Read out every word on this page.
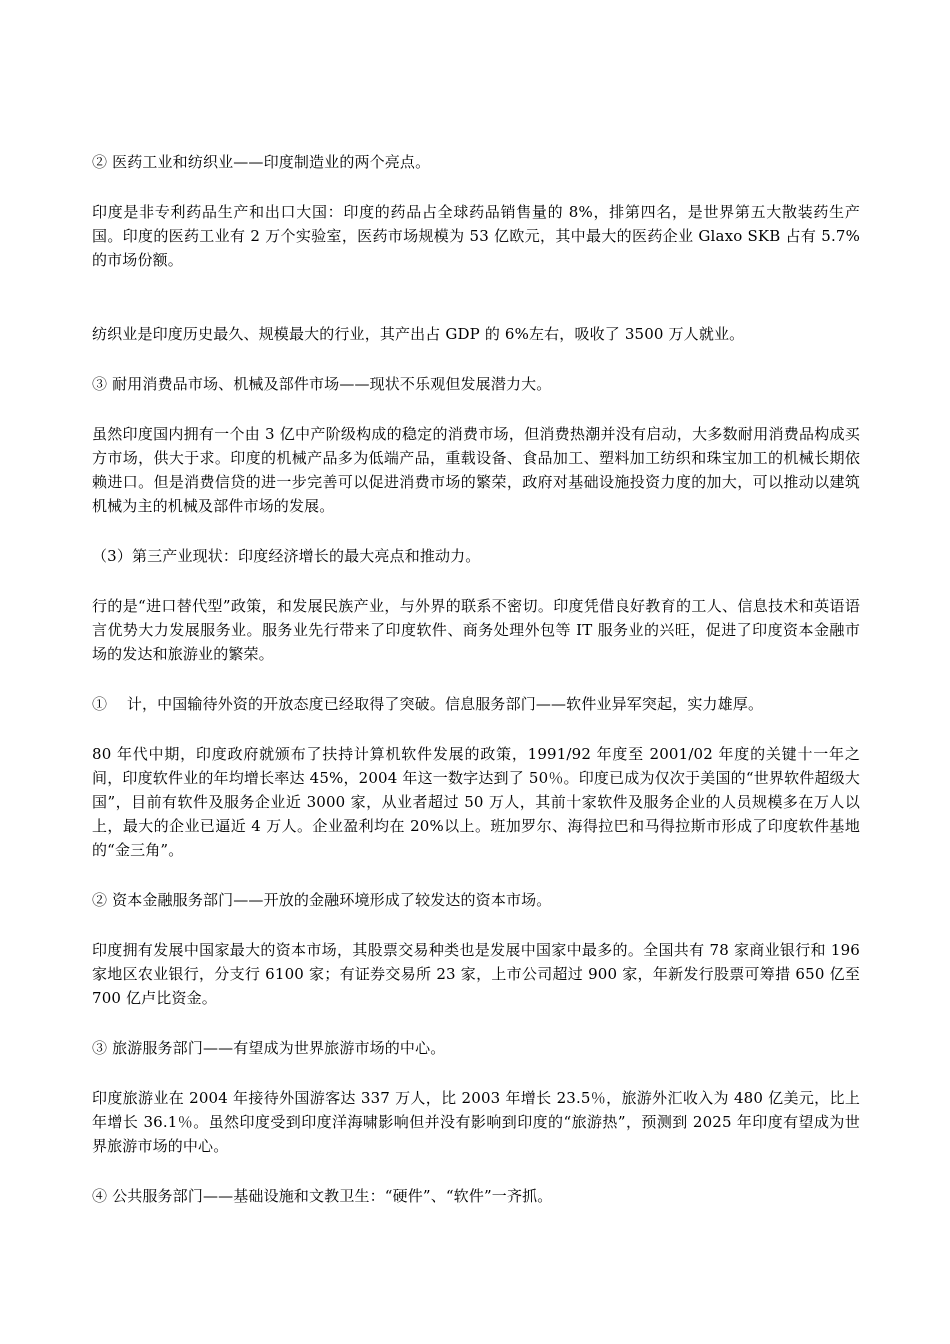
② 医药工业和纺织业——印度制造业的两个亮点。

印度是非专利药品生产和出口大国：印度的药品占全球药品销售量的 8%，排第四名，是世界第五大散装药生产国。印度的医药工业有 2 万个实验室，医药市场规模为 53 亿欧元，其中最大的医药企业 Glaxo SKB 占有 5.7%的市场份额。

纺织业是印度历史最久、规模最大的行业，其产出占 GDP 的 6%左右，吸收了 3500 万人就业。

③ 耐用消费品市场、机械及部件市场——现状不乐观但发展潜力大。

虽然印度国内拥有一个由 3 亿中产阶级构成的稳定的消费市场，但消费热潮并没有启动，大多数耐用消费品构成买方市场，供大于求。印度的机械产品多为低端产品，重载设备、食品加工、塑料加工纺织和珠宝加工的机械长期依赖进口。但是消费信贷的进一步完善可以促进消费市场的繁荣，政府对基础设施投资力度的加大，可以推动以建筑机械为主的机械及部件市场的发展。

（3）第三产业现状：印度经济增长的最大亮点和推动力。

行的是“进口替代型”政策，和发展民族产业，与外界的联系不密切。印度凭借良好教育的工人、信息技术和英语语言优势大力发展服务业。服务业先行带来了印度软件、商务处理外包等 IT 服务业的兴旺，促进了印度资本金融市场的发达和旅游业的繁荣。

①    计，中国输待外资的开放态度已经取得了突破。信息服务部门——软件业异军突起，实力雄厚。

80 年代中期，印度政府就颁布了扶持计算机软件发展的政策，1991/92 年度至 2001/02 年度的关键十一年之间，印度软件业的年均增长率达 45%，2004 年这一数字达到了 50％。印度已成为仅次于美国的“世界软件超级大国”，目前有软件及服务企业近 3000 家，从业者超过 50 万人，其前十家软件及服务企业的人员规模多在万人以上，最大的企业已逼近 4 万人。企业盈利均在 20%以上。班加罗尔、海得拉巴和马得拉斯市形成了印度软件基地的“金三角”。

② 资本金融服务部门——开放的金融环境形成了较发达的资本市场。

印度拥有发展中国家最大的资本市场，其股票交易种类也是发展中国家中最多的。全国共有 78 家商业银行和 196 家地区农业银行，分支行 6100 家；有证券交易所 23 家，上市公司超过 900 家，年新发行股票可筹措 650 亿至 700 亿卢比资金。

③ 旅游服务部门——有望成为世界旅游市场的中心。

印度旅游业在 2004 年接待外国游客达 337 万人，比 2003 年增长 23.5％，旅游外汇收入为 480 亿美元，比上年增长 36.1％。虽然印度受到印度洋海啸影响但并没有影响到印度的“旅游热”，预测到 2025 年印度有望成为世界旅游市场的中心。

④ 公共服务部门——基础设施和文教卫生：“硬件”、“软件”一齐抓。
